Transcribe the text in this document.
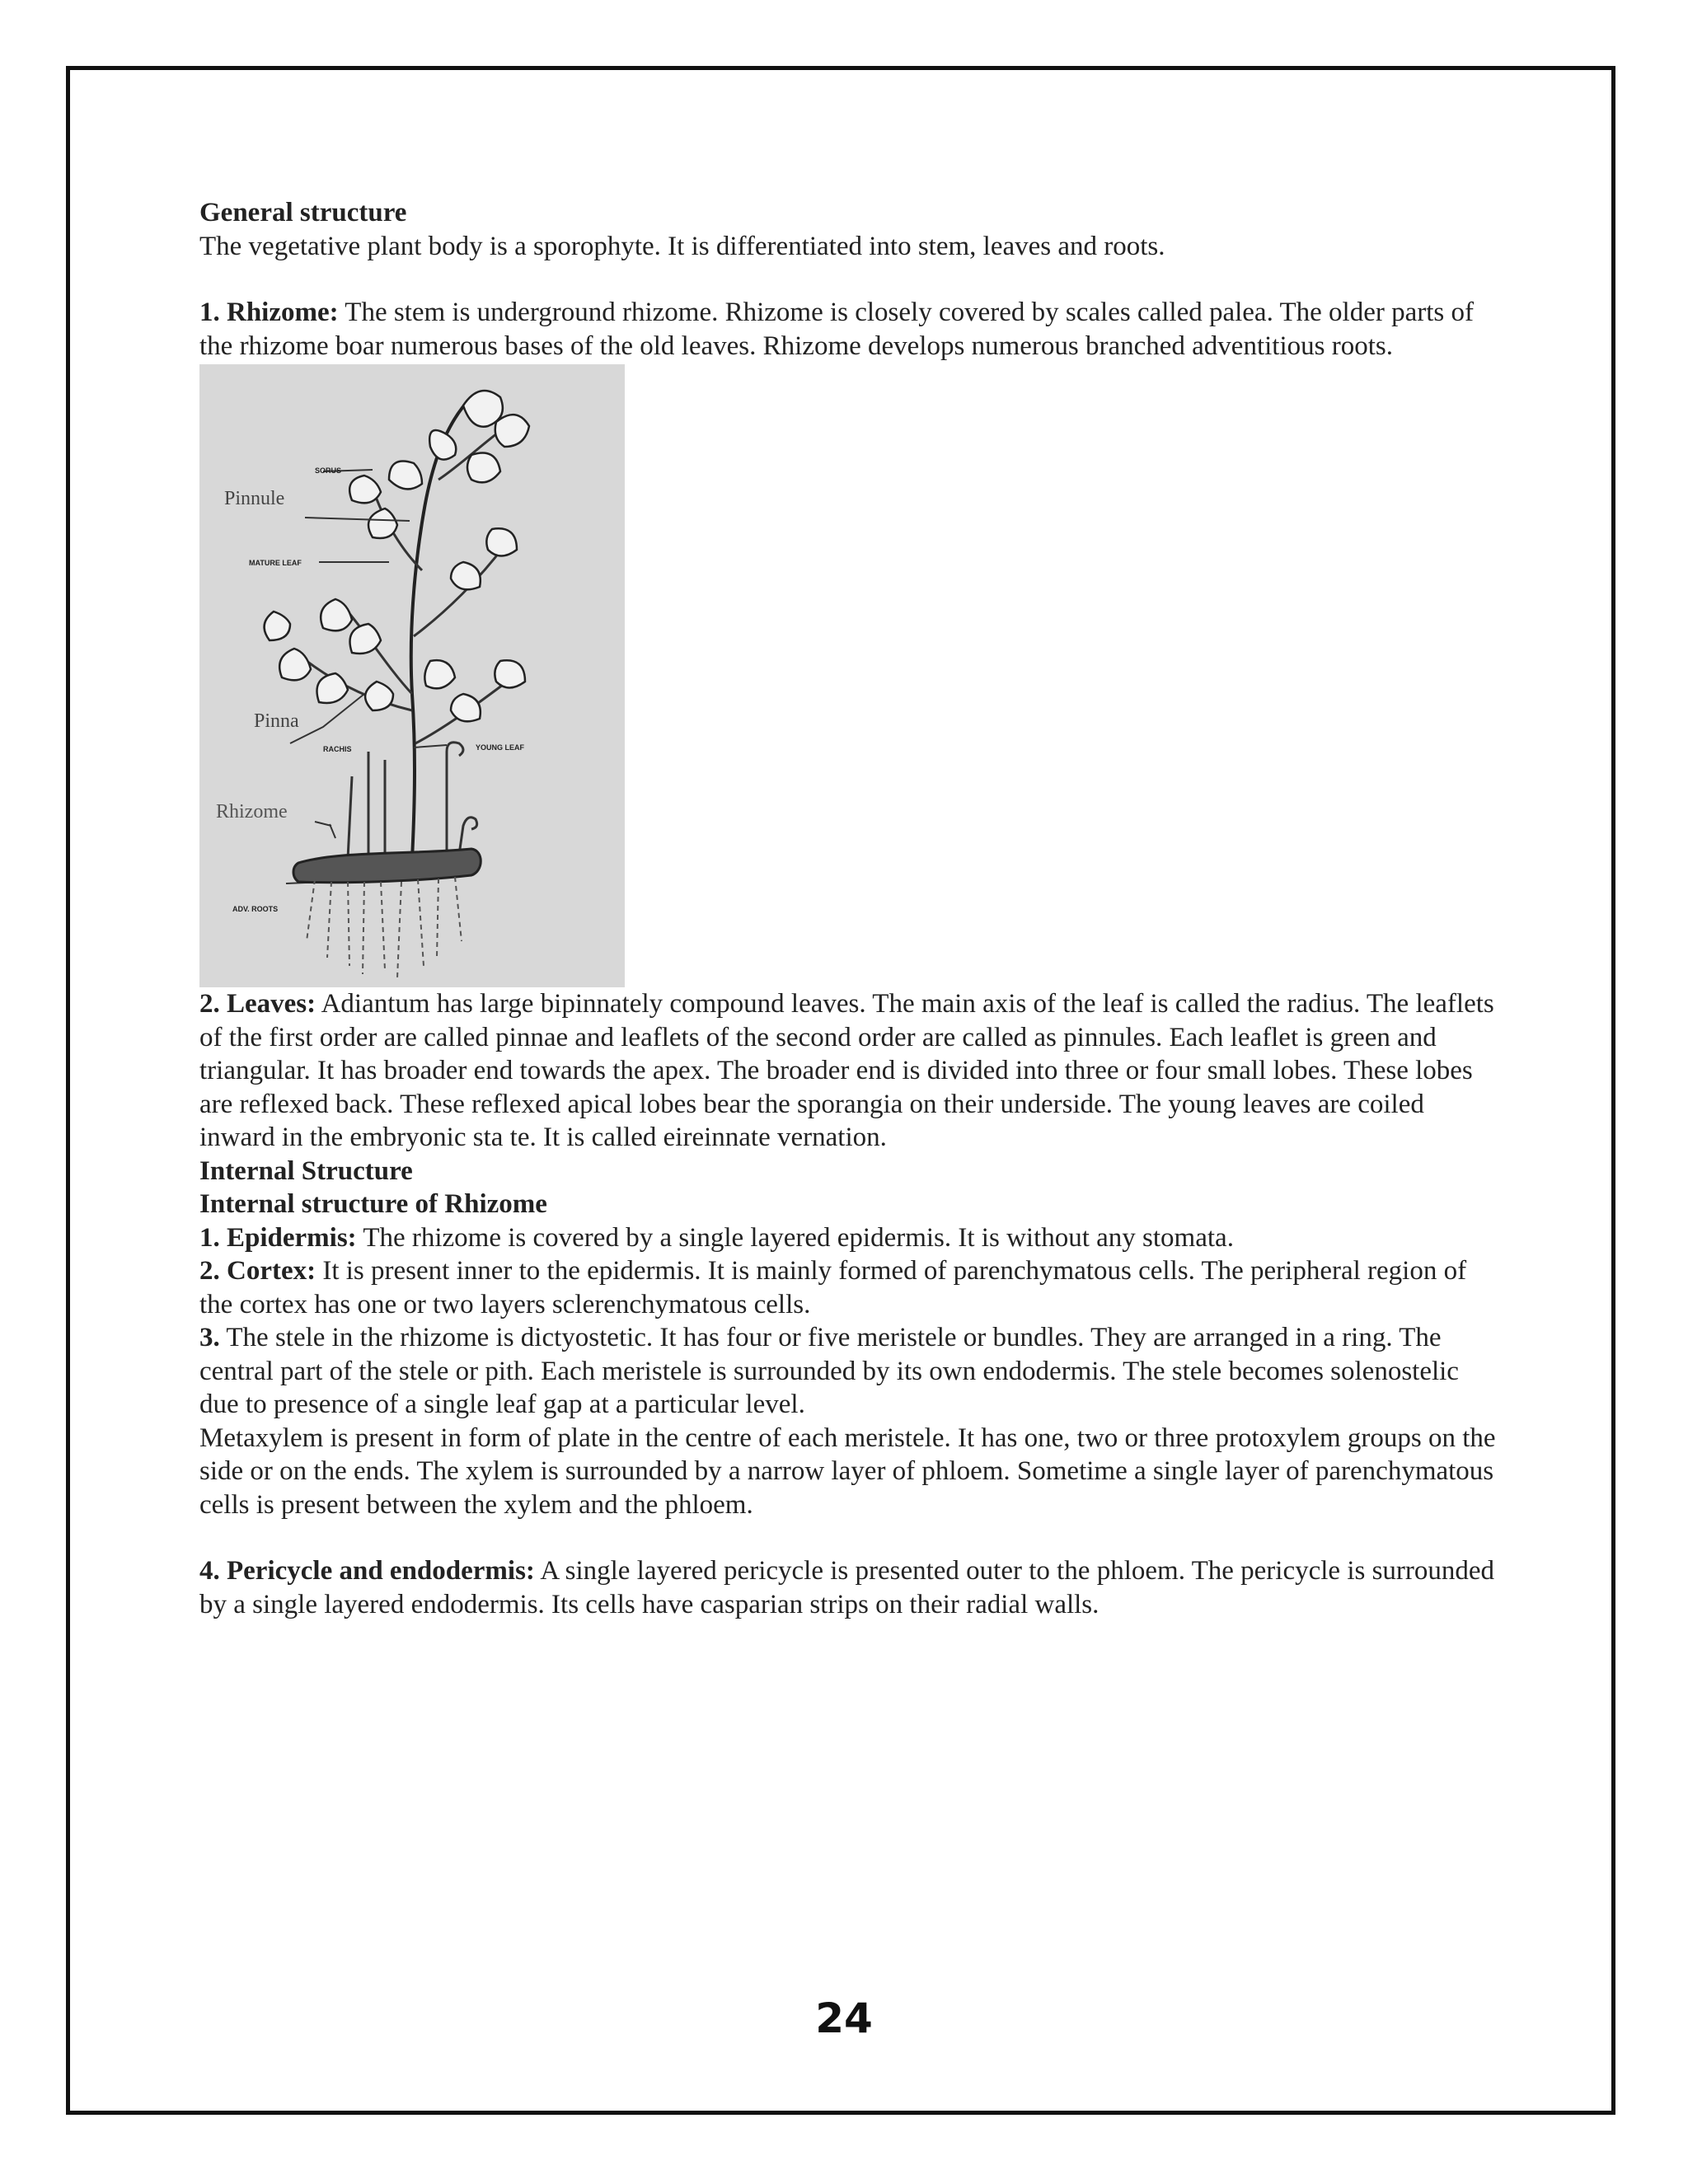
General structure

The vegetative plant body is a sporophyte. It is differentiated into stem, leaves and roots.

1. Rhizome: The stem is underground rhizome. Rhizome is closely covered by scales called palea. The older parts of the rhizome boar numerous bases of the old leaves. Rhizome develops numerous branched adventitious roots.

Pinnule
SORUS
MATURE LEAF
Pinna
RACHIS	YOUNG LEAF
Rhizome
ADV. ROOTS

2. Leaves: Adiantum has large bipinnately compound leaves. The main axis of the leaf is called the radius. The leaflets of the first order are called pinnae and leaflets of the second order are called as pinnules. Each leaflet is green and triangular. It has broader end towards the apex. The broader end is divided into three or four small lobes. These lobes are reflexed back. These reflexed apical lobes bear the sporangia on their underside. The young leaves are coiled inward in the embryonic sta te. It is called eireinnate vernation.

Internal Structure

Internal structure of Rhizome

1. Epidermis: The rhizome is covered by a single layered epidermis. It is without any stomata.

2. Cortex: It is present inner to the epidermis. It is mainly formed of parenchymatous cells. The peripheral region of the cortex has one or two layers sclerenchymatous cells.

3. The stele in the rhizome is dictyostetic. It has four or five meristele or bundles. They are arranged in a ring. The central part of the stele or pith. Each meristele is surrounded by its own endodermis. The stele becomes solenostelic due to presence of a single leaf gap at a particular level.

Metaxylem is present in form of plate in the centre of each meristele. It has one, two or three protoxylem groups on the side or on the ends. The xylem is surrounded by a narrow layer of phloem. Sometime a single layer of parenchymatous cells is present between the xylem and the phloem.

4. Pericycle and endodermis: A single layered pericycle is presented outer to the phloem. The pericycle is surrounded by a single layered endodermis. Its cells have casparian strips on their radial walls.

24
